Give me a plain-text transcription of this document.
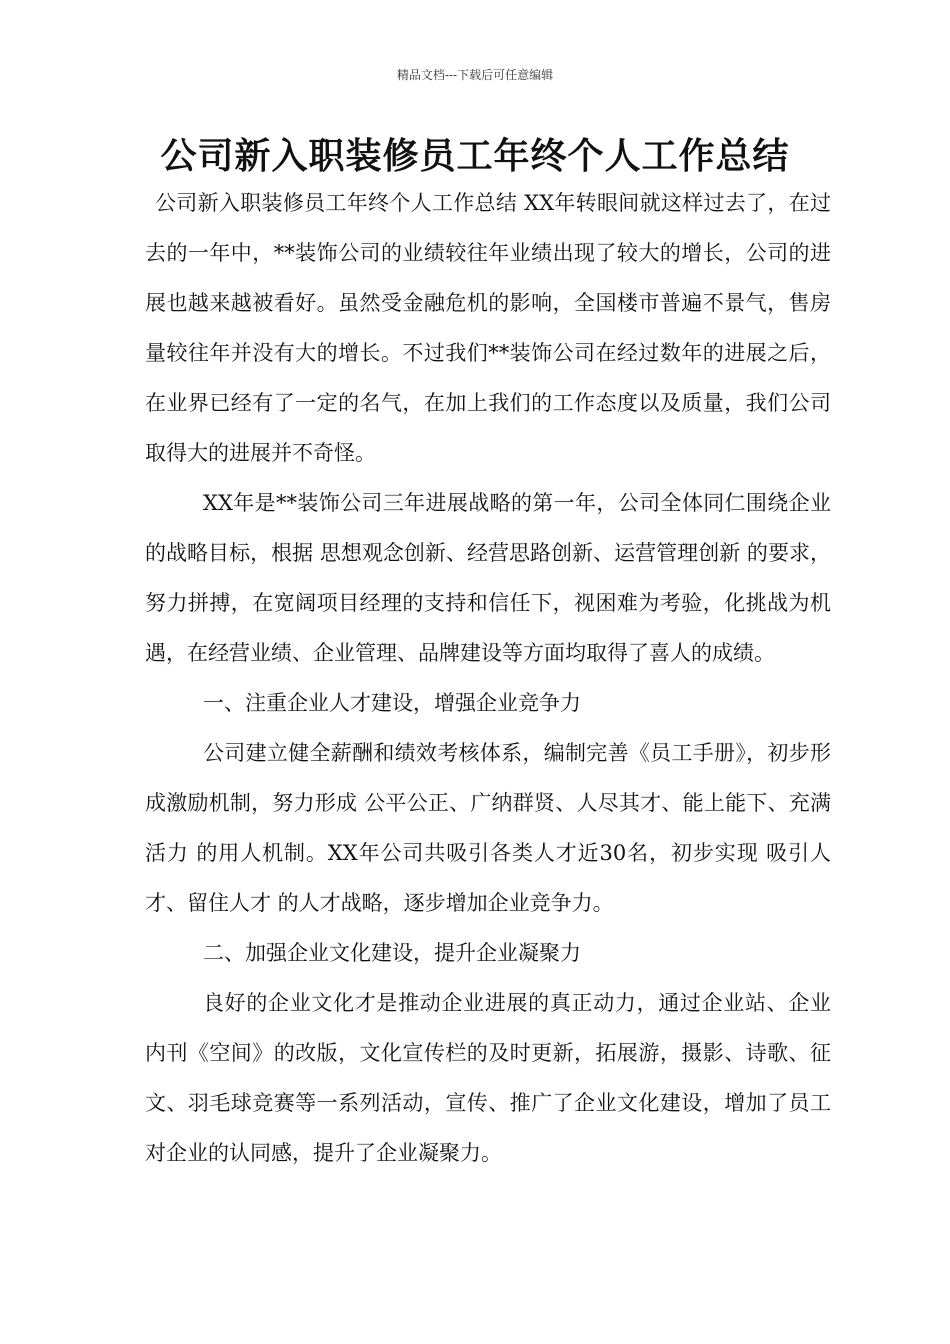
精品文档---下载后可任意编辑
公司新入职装修员工年终个人工作总结

公司新入职装修员工年终个人工作总结 XX年转眼间就这样过去了，在过去的一年中，**装饰公司的业绩较往年业绩出现了较大的增长，公司的进展也越来越被看好。虽然受金融危机的影响，全国楼市普遍不景气，售房量较往年并没有大的增长。不过我们**装饰公司在经过数年的进展之后，在业界已经有了一定的名气，在加上我们的工作态度以及质量，我们公司取得大的进展并不奇怪。

XX年是**装饰公司三年进展战略的第一年，公司全体同仁围绕企业的战略目标，根据 思想观念创新、经营思路创新、运营管理创新 的要求，努力拼搏，在宽阔项目经理的支持和信任下，视困难为考验，化挑战为机遇，在经营业绩、企业管理、品牌建设等方面均取得了喜人的成绩。

一、注重企业人才建设，增强企业竞争力

公司建立健全薪酬和绩效考核体系，编制完善《员工手册》，初步形成激励机制，努力形成 公平公正、广纳群贤、人尽其才、能上能下、充满活力 的用人机制。XX年公司共吸引各类人才近30名，初步实现 吸引人才、留住人才 的人才战略，逐步增加企业竞争力。

二、加强企业文化建设，提升企业凝聚力

良好的企业文化才是推动企业进展的真正动力，通过企业站、企业内刊《空间》的改版，文化宣传栏的及时更新，拓展游，摄影、诗歌、征文、羽毛球竞赛等一系列活动，宣传、推广了企业文化建设，增加了员工对企业的认同感，提升了企业凝聚力。
